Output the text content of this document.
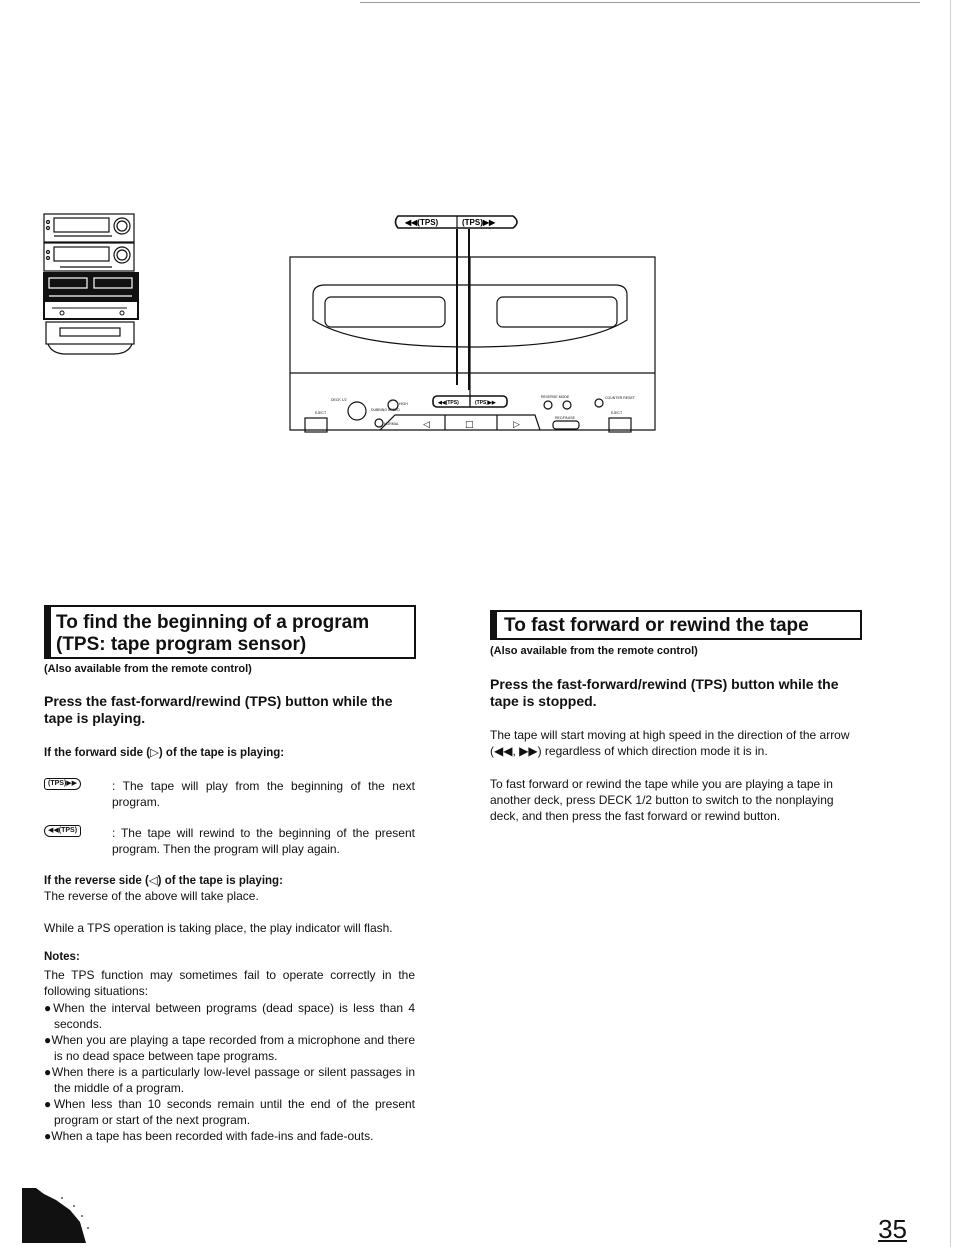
◀◀(TPS)	(TPS)▶▶
◀◀(TPS)	(TPS)▶▶
DECK 1/2
EJECT
HIGH
DUBBING SPEED
NORMAL
REVERSE MODE	COUNTER RESET
EJECT
REC/PAUSE
◁	□	▷
To find the beginning of a program
(TPS: tape program sensor)
(Also available from the remote control)
Press the fast-forward/rewind (TPS) button while the tape is playing.
If the forward side (▷) of the tape is playing:
(TPS)▶▶	: The tape will play from the beginning of the next program.
◀◀(TPS)	: The tape will rewind to the beginning of the present program. Then the program will play again.
If the reverse side (◁) of the tape is playing:
The reverse of the above will take place.
While a TPS operation is taking place, the play indicator will flash.
Notes:
The TPS function may sometimes fail to operate correctly in the following situations:
●When the interval between programs (dead space) is less than 4 seconds.
●When you are playing a tape recorded from a microphone and there is no dead space between tape programs.
●When there is a particularly low-level passage or silent passages in the middle of a program.
●When less than 10 seconds remain until the end of the present program or start of the next program.
●When a tape has been recorded with fade-ins and fade-outs.
To fast forward or rewind the tape
(Also available from the remote control)
Press the fast-forward/rewind (TPS) button while the tape is stopped.
The tape will start moving at high speed in the direction of the arrow (◀◀, ▶▶) regardless of which direction mode it is in.
To fast forward or rewind the tape while you are playing a tape in another deck, press DECK 1/2 button to switch to the nonplaying deck, and then press the fast forward or rewind button.
35
